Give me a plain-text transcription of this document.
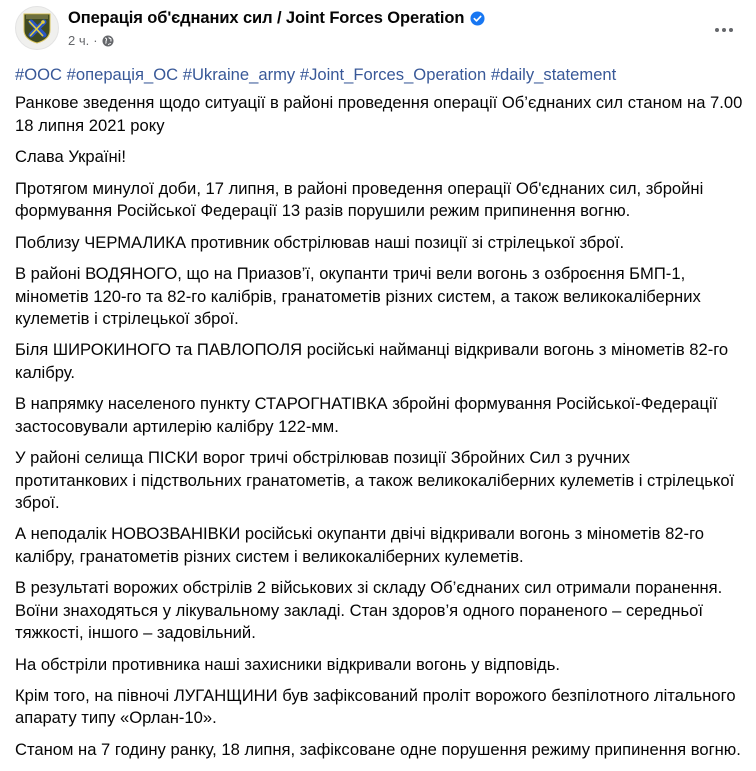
Операція об'єднаних сил / Joint Forces Operation
2 ч. ·
#ООС #операція_ОС #Ukraine_army #Joint_Forces_Operation #daily_statement

Ранкове зведення щодо ситуації в районі проведення операції Об’єднаних сил станом на 7.00 18 липня 2021 року

Слава Україні!

Протягом минулої доби, 17 липня, в районі проведення операції Об'єднаних сил, збройні формування Російської Федерації 13 разів порушили режим припинення вогню.

Поблизу ЧЕРМАЛИКА противник обстрілював наші позиції зі стрілецької зброї.

В районі ВОДЯНОГО, що на Приазов’ї, окупанти тричі вели вогонь з озброєння БМП-1, мінометів 120-го та 82-го калібрів, гранатометів різних систем, а також великокаліберних кулеметів і стрілецької зброї.

Біля ШИРОКИНОГО та ПАВЛОПОЛЯ російські найманці відкривали вогонь з мінометів 82-го калібру.

В напрямку населеного пункту СТАРОГНАТІВКА збройні формування Російської-Федерації застосовували артилерію калібру 122-мм.

У районі селища ПІСКИ ворог тричі обстрілював позиції Збройних Сил з ручних протитанкових і підствольних гранатометів, а також великокаліберних кулеметів і стрілецької зброї.

А неподалік НОВОЗВАНІВКИ російські окупанти двічі відкривали вогонь з мінометів 82-го калібру, гранатометів різних систем і великокаліберних кулеметів.

В результаті ворожих обстрілів 2 військових зі складу Об’єднаних сил отримали поранення. Воїни знаходяться у лікувальному закладі. Стан здоров’я одного пораненого – середньої тяжкості, іншого – задовільний.

На обстріли противника наші захисники відкривали вогонь у відповідь.

Крім того, на півночі ЛУГАНЩИНИ був зафіксований проліт ворожого безпілотного літального апарату типу «Орлан-10».

Станом на 7 годину ранку, 18 липня, зафіксоване одне порушення режиму припинення вогню.
